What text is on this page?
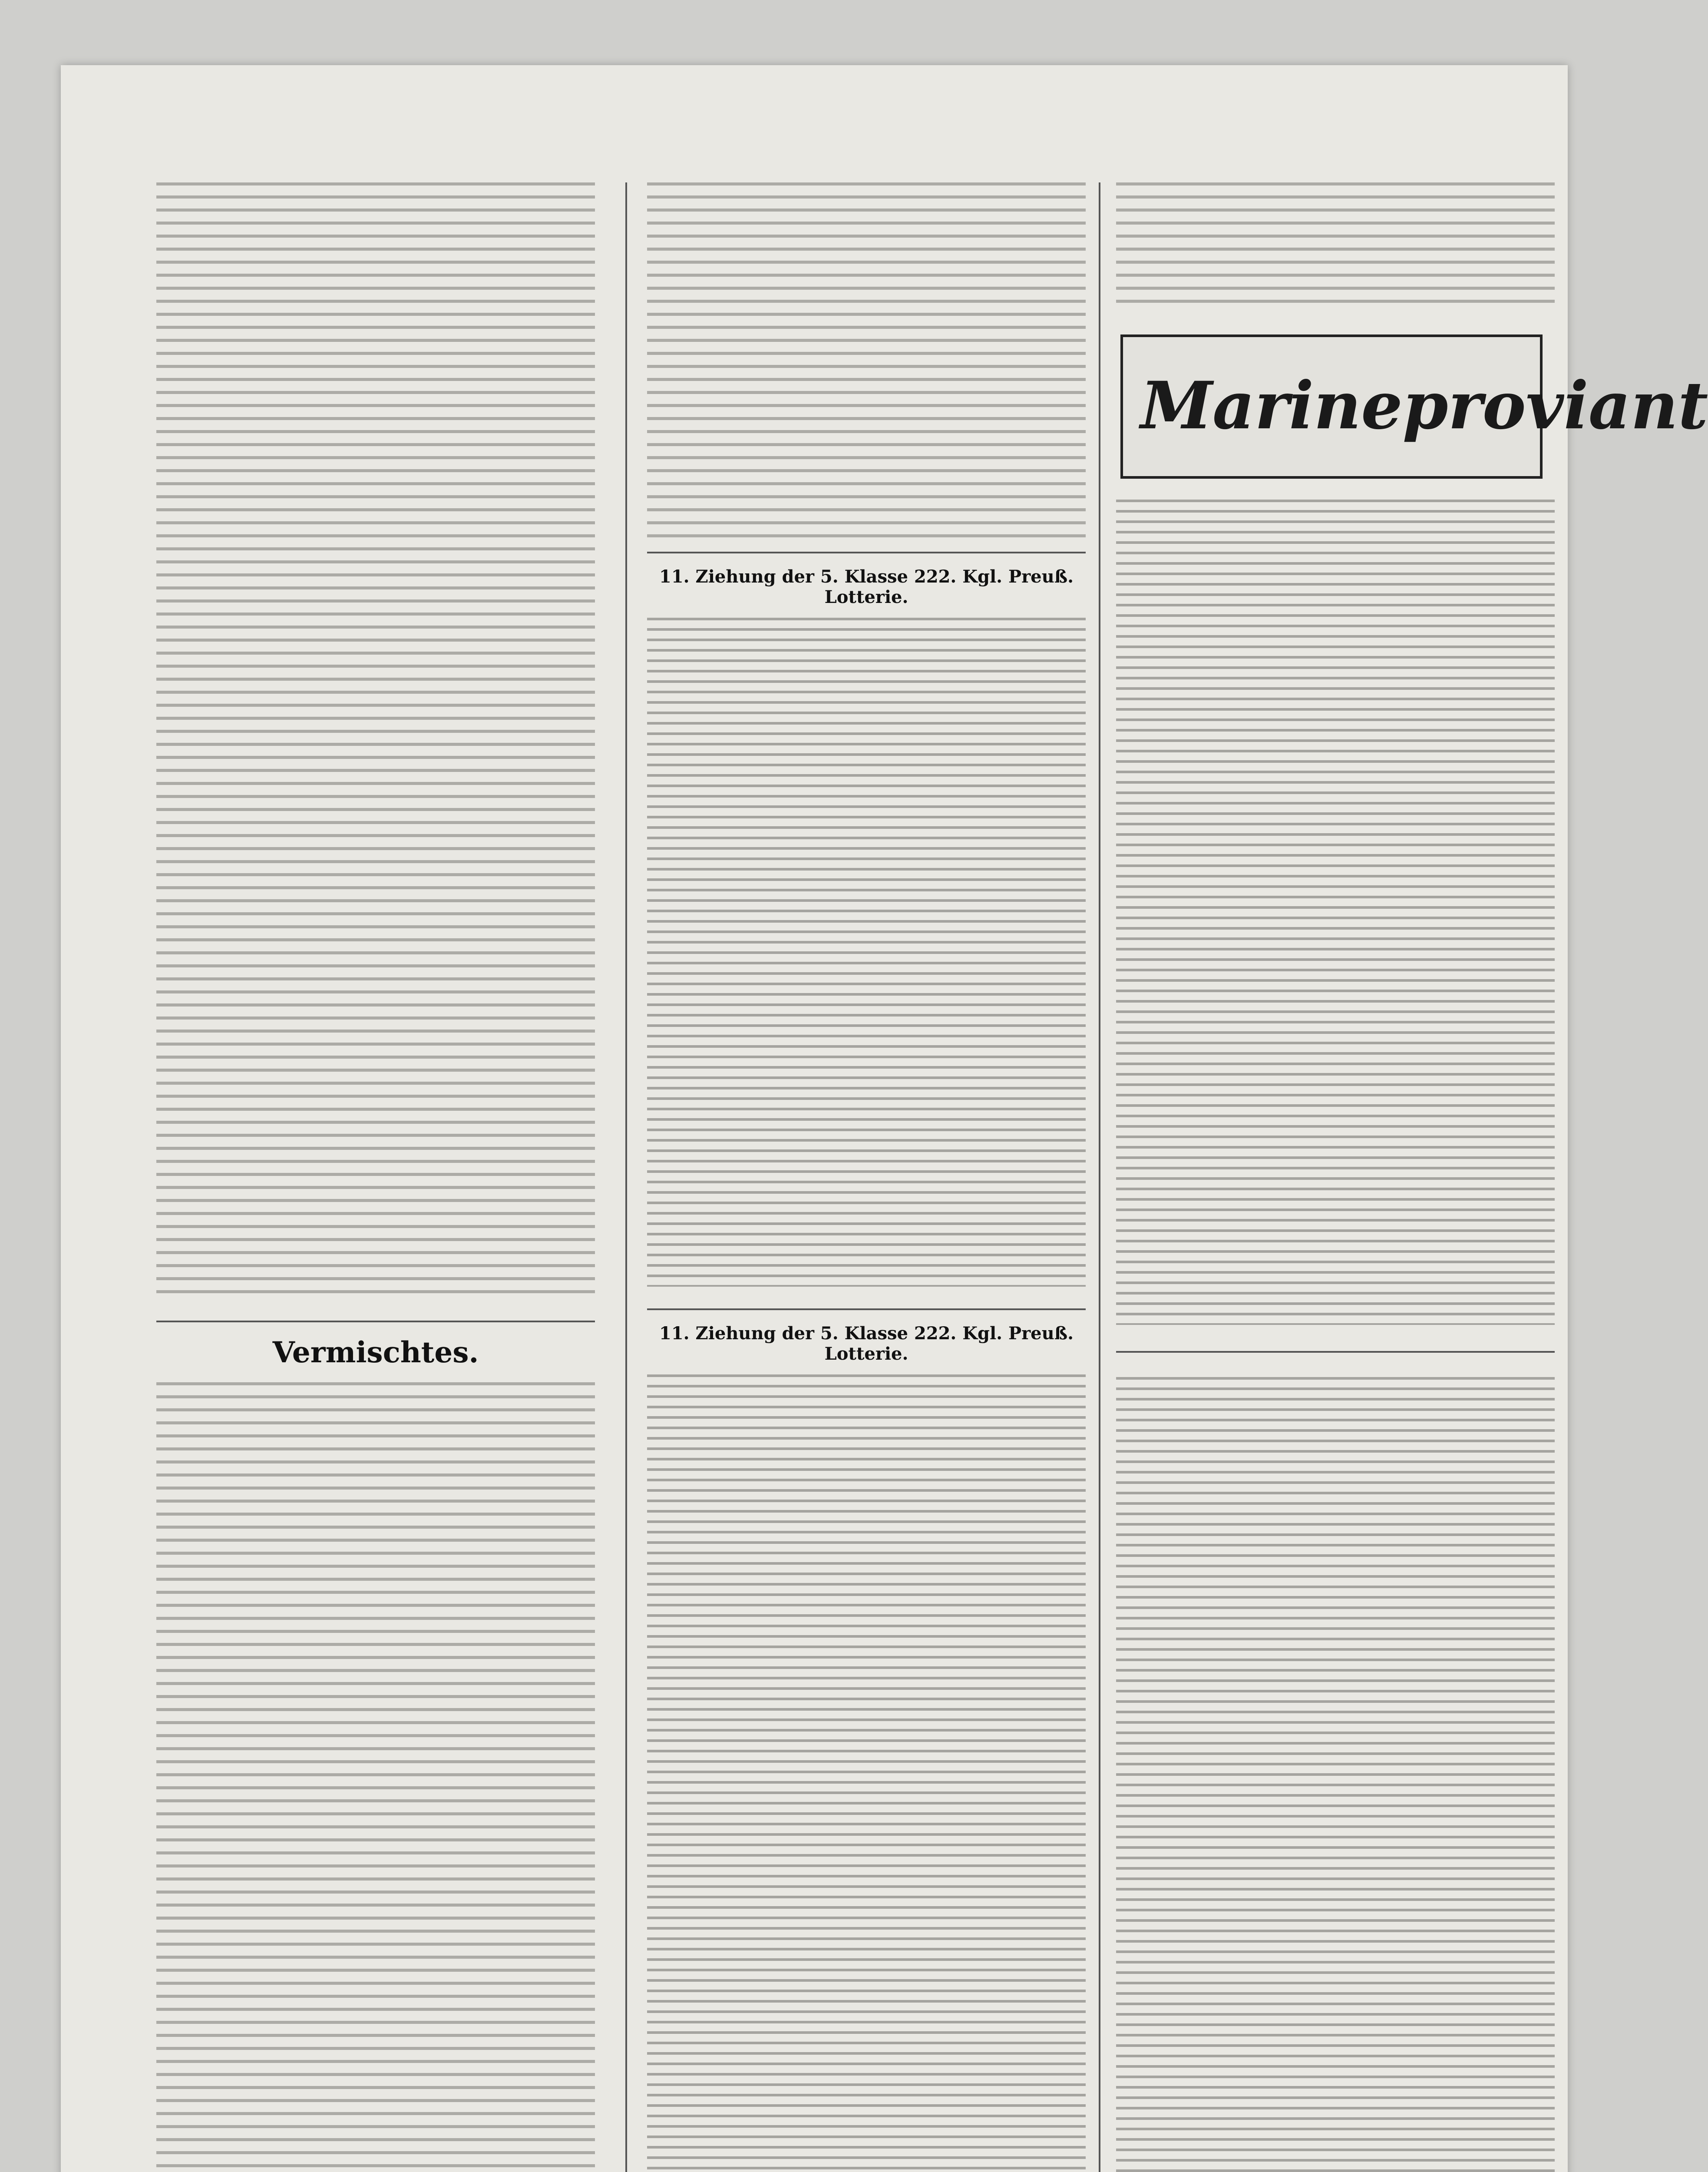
Vermischtes.
11. Ziehung der 5. Klasse 222. Kgl. Preuß. Lotterie.
11. Ziehung der 5. Klasse 222. Kgl. Preuß. Lotterie.
Marineproviant
